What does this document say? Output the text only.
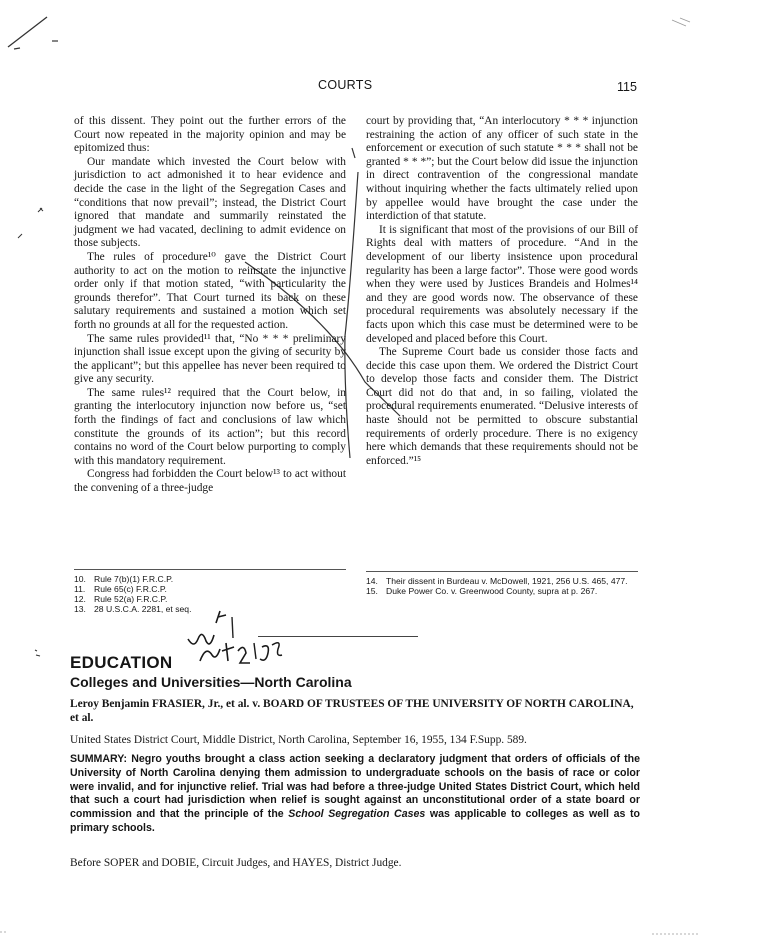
COURTS	115

of this dissent. They point out the further errors of the Court now repeated in the majority opinion and may be epitomized thus:

Our mandate which invested the Court below with jurisdiction to act admonished it to hear evidence and decide the case in the light of the Segregation Cases and “conditions that now prevail”; instead, the District Court ignored that mandate and summarily reinstated the judgment we had vacated, declining to admit evidence on those subjects.

The rules of procedure¹⁰ gave the District Court authority to act on the motion to reinstate the injunctive order only if that motion stated, “with particularity the grounds therefor”. That Court turned its back on these salutary requirements and sustained a motion which set forth no grounds at all for the requested action.

The same rules provided¹¹ that, “No * * * preliminary injunction shall issue except upon the giving of security by the applicant”; but this appellee has never been required to give any security.

The same rules¹² required that the Court below, in granting the interlocutory injunction now before us, “set forth the findings of fact and conclusions of law which constitute the grounds of its action”; but this record contains no word of the Court below purporting to comply with this mandatory requirement.

Congress had forbidden the Court below¹³ to act without the convening of a three-judge

court by providing that, “An interlocutory * * * injunction restraining the action of any officer of such state in the enforcement or execution of such statute * * * shall not be granted * * *”; but the Court below did issue the injunction in direct contravention of the congressional mandate without inquiring whether the facts ultimately relied upon by appellee would have brought the case under the interdiction of that statute.

It is significant that most of the provisions of our Bill of Rights deal with matters of procedure. “And in the development of our liberty insistence upon procedural regularity has been a large factor”. Those were good words when they were used by Justices Brandeis and Holmes¹⁴ and they are good words now. The observance of these procedural requirements was absolutely necessary if the facts upon which this case must be determined were to be developed and placed before this Court.

The Supreme Court bade us consider those facts and decide this case upon them. We ordered the District Court to develop those facts and consider them. The District Court did not do that and, in so failing, violated the procedural requirements enumerated. “Delusive interests of haste should not be permitted to obscure substantial requirements of orderly procedure. There is no exigency here which demands that these requirements should not be enforced.”¹⁵

10. Rule 7(b)(1) F.R.C.P.
11.	Rule 65(c) F.R.C.P.
12. Rule 52(a) F.R.C.P.
13. 28 U.S.C.A. 2281, et seq.
14. Their dissent in Burdeau v. McDowell, 1921, 256 U.S. 465, 477.
15. Duke Power Co. v. Greenwood County, supra at p. 267.
EDUCATION
Colleges and Universities—North Carolina
Leroy Benjamin FRASIER, Jr., et al. v. BOARD OF TRUSTEES OF THE UNIVERSITY OF NORTH CAROLINA, et al.
United States District Court, Middle District, North Carolina, September 16, 1955, 134 F.Supp. 589.
SUMMARY: Negro youths brought a class action seeking a declaratory judgment that orders of officials of the University of North Carolina denying them admission to undergraduate schools on the basis of race or color were invalid, and for injunctive relief. Trial was had before a three-judge United States District Court, which held that such a court had jurisdiction when relief is sought against an unconstitutional order of a state board or commission and that the principle of the School Segregation Cases was applicable to colleges as well as to primary schools.
Before SOPER and DOBIE, Circuit Judges, and HAYES, District Judge.
